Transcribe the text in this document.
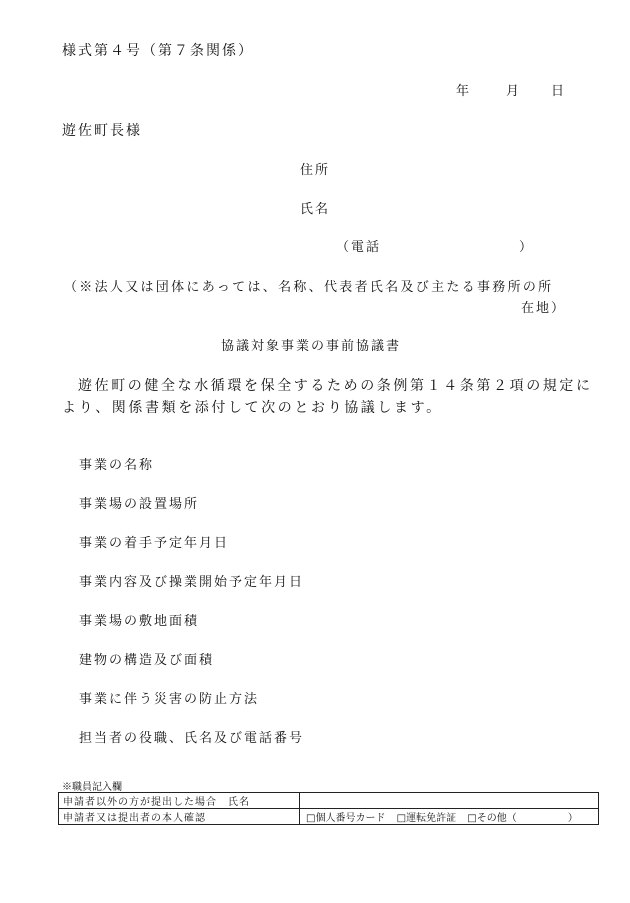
様式第４号（第７条関係）
年	月 日
遊佐町長様
住所
氏名
（電話	）
（※法人又は団体にあっては、名称、代表者氏名及び主たる事務所の所
在地）
協議対象事業の事前協議書
遊佐町の健全な水循環を保全するための条例第１４条第２項の規定に
より、関係書類を添付して次のとおり協議します。
事業の名称
事業場の設置場所
事業の着手予定年月日
事業内容及び操業開始予定年月日
事業場の敷地面積
建物の構造及び面積
事業に伴う災害の防止方法
担当者の役職、氏名及び電話番号
※職員記入欄
申請者以外の方が提出した場合　氏名	
申請者又は提出者の本人確認	□個人番号カード □運転免許証 □その他（ ）
